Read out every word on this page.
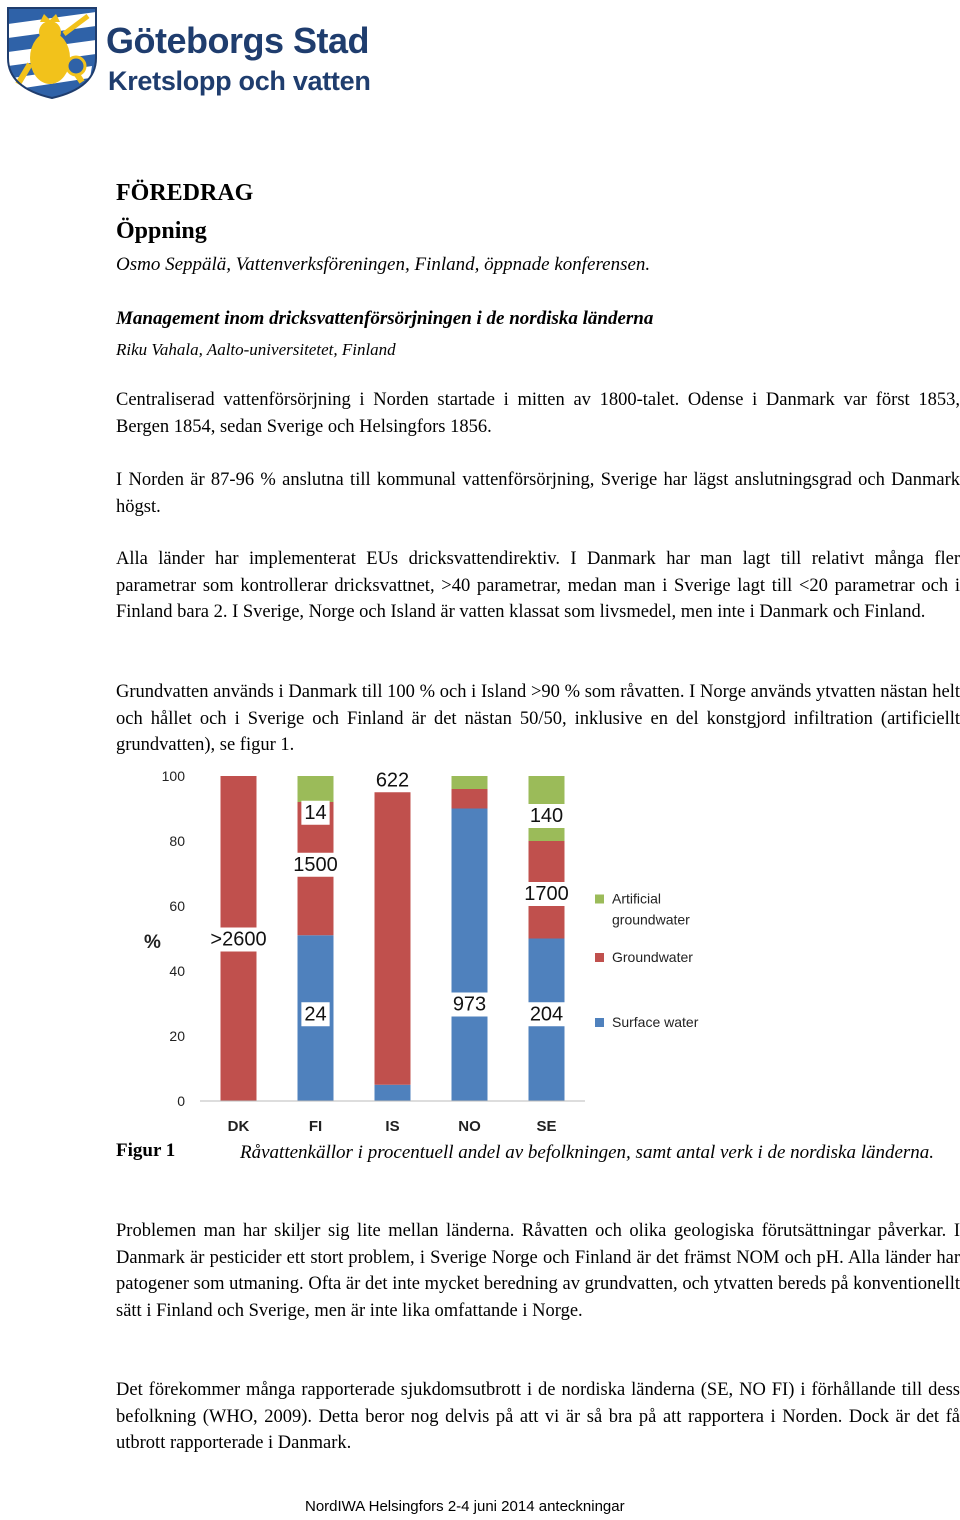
Göteborgs Stad
Kretslopp och vatten
FÖREDRAG
Öppning
Osmo Seppälä, Vattenverksföreningen, Finland, öppnade konferensen.
Management inom dricksvattenförsörjningen i de nordiska länderna
Riku Vahala, Aalto-universitetet, Finland
Centraliserad vattenförsörjning i Norden startade i mitten av 1800-talet. Odense i Danmark var först 1853, Bergen 1854, sedan Sverige och Helsingfors 1856.
I Norden är 87-96 % anslutna till kommunal vattenförsörjning, Sverige har lägst anslutningsgrad och Danmark högst.
Alla länder har implementerat EUs dricksvattendirektiv. I Danmark har man lagt till relativt många fler parametrar som kontrollerar dricksvattnet, >40 parametrar, medan man i Sverige lagt till <20 parametrar och i Finland bara 2. I Sverige, Norge och Island är vatten klassat som livsmedel, men inte i Danmark och Finland.
Grundvatten används i Danmark till 100 % och i Island >90 % som råvatten. I Norge används ytvatten nästan helt och hållet och i Sverige och Finland är det nästan 50/50, inklusive en del konstgjord infiltration (artificiellt grundvatten), se figur 1.
0
20
40
60
80
100
%
DK	FI	IS	NO	SE
>2600
14
1500
24
622
973
140
1700
204
Artificial
groundwater
Groundwater
Surface water
Figur 1	Råvattenkällor i procentuell andel av befolkningen, samt antal verk i de nordiska länderna.
Problemen man har skiljer sig lite mellan länderna. Råvatten och olika geologiska förutsättningar påverkar. I Danmark är pesticider ett stort problem, i Sverige Norge och Finland är det främst NOM och pH. Alla länder har patogener som utmaning. Ofta är det inte mycket beredning av grundvatten, och ytvatten bereds på konventionellt sätt i Finland och Sverige, men är inte lika omfattande i Norge.
Det förekommer många rapporterade sjukdomsutbrott i de nordiska länderna (SE, NO FI) i förhållande till dess befolkning (WHO, 2009). Detta beror nog delvis på att vi är så bra på att rapportera i Norden. Dock är det få utbrott rapporterade i Danmark.
NordIWA Helsingfors 2-4 juni 2014 anteckningar
